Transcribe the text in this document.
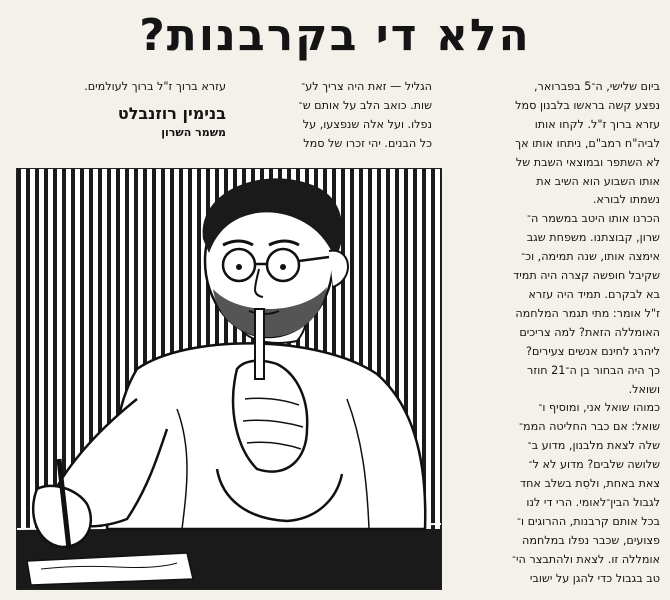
הלא די בקרבנות?

ביום שלישי, ה־5 בפברואר,
נפצע קשה בראשו בלבנון סמל
עזרא ברוך ז"ל. לקחו אותו
לביה"ח רמב"ם, ניתחו אותו אך
לא השתפר ובמוצאי השבת של
אותו השבוע הוא השיב את
נשמתו לבורא.

הכרנו אותו היטב במשמר ה־
שרון, קבוצתנו. משפחת שגב
אימצה אותו, שנה תמימה, וכ־
שקיבל חופשה קצרה היה תמיד
בא לבקרם. תמיד היה עזרא
ז"ל אומר: מתי תגמר המלחמה
האומללה הזאת? למה צריכים
ליהרג לחינם אנשים צעירים?
כך היה הבחור בן ה־21 חוזר
ושואל.

כמוהו שואל אני, ומוסיף ו־
שואל: אם כבר החליטה הממ־
שלה לצאת מלבנון, מדוע ב־
שלושה שלבים? מדוע לא ל־
צאת באחת, ולסִת בשלב אחד
לגבול הבין־לאומי. הרי די לנו
בכל אותם קרבנות, ההרוגים ו־
פצועים, שכבר נפלו במלחמה
אומללה זו. לצאת ולהתבצר הי־
טב בגבול כדי להגן על ישובי

הגליל — זאת היה צריך לע־
שות. כואב הלב על אותם ש־
נפלו. ועל אלה שנפצעו, על
כל הבנים. יהי זכרו של סמל

עזרא ברוך ז"ל ברוך לעולמים.

בנימין רוזנבלט
משמר השרון
